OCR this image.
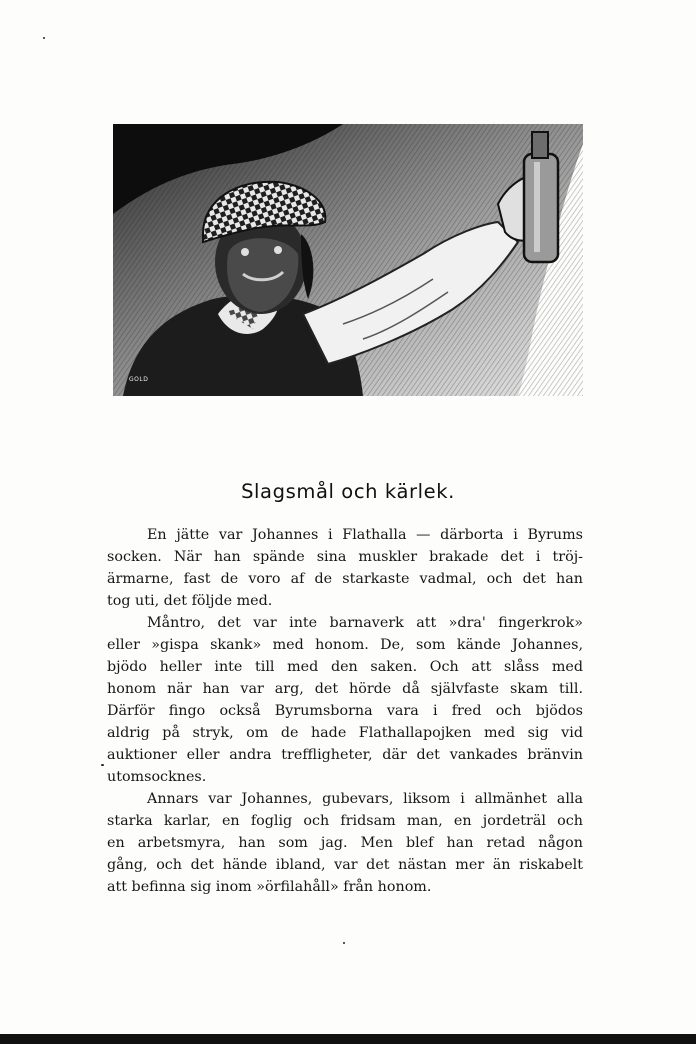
GOLD
Slagsmål och kärlek.
En jätte var Johannes i Flathalla — därborta i Byrums
socken. När han spände sina muskler brakade det i tröj-
ärmarne, fast de voro af de starkaste vadmal, och det han
tog uti, det följde med.
Måntro, det var inte barnaverk att »dra' fingerkrok»
eller »gispa skank» med honom. De, som kände Johannes,
bjödo heller inte till med den saken. Och att slåss med
honom när han var arg, det hörde då självfaste skam till.
Därför fingo också Byrumsborna vara i fred och bjödos
aldrig på stryk, om de hade Flathallapojken med sig vid
auktioner eller andra treffligheter, där det vankades bränvin
utomsocknes.
Annars var Johannes, gubevars, liksom i allmänhet alla
starka karlar, en foglig och fridsam man, en jordeträl och
en arbetsmyra, han som jag. Men blef han retad någon
gång, och det hände ibland, var det nästan mer än riskabelt
att befinna sig inom »örfilahåll» från honom.
